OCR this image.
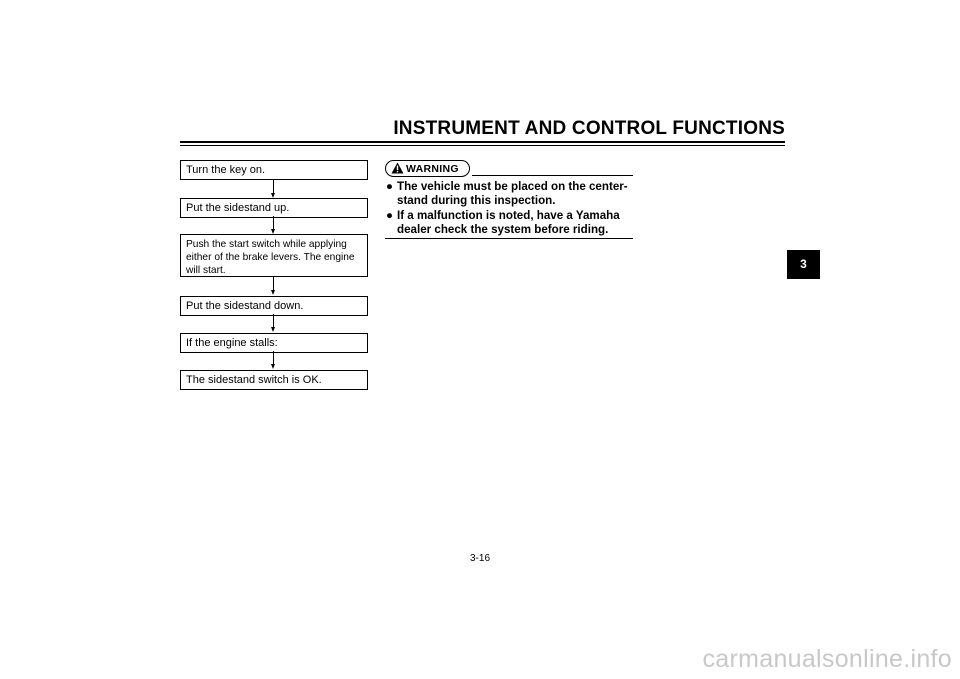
INSTRUMENT AND CONTROL FUNCTIONS
Turn the key on.
Put the sidestand up.
Push the start switch while applying either of the brake levers. The engine will start.
Put the sidestand down.
If the engine stalls:
The sidestand switch is OK.
WARNING
● The vehicle must be placed on the center-stand during this inspection.
● If a malfunction is noted, have a Yamaha dealer check the system before riding.
3
3-16
carmanualsonline.info
